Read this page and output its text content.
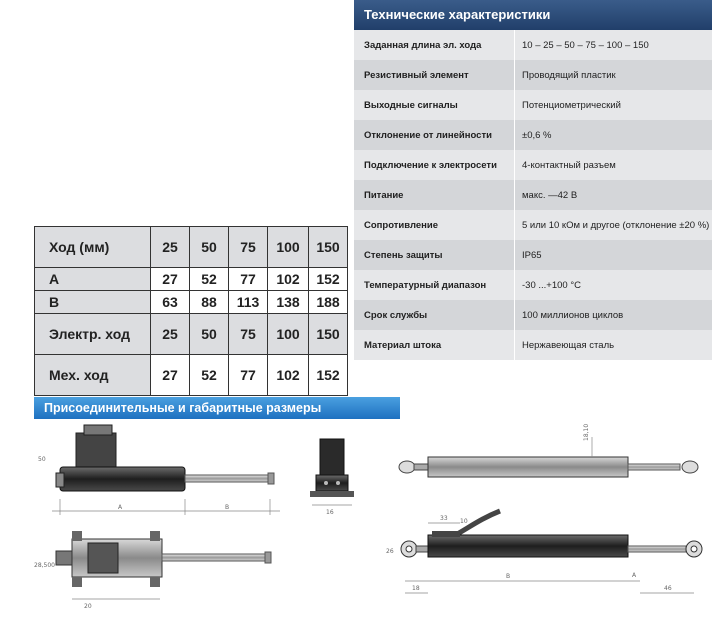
Технические характеристики
Заданная длина эл. хода	10 – 25 – 50 – 75 – 100 – 150
Резистивный элемент	Проводящий пластик
Выходные сигналы	Потенциометрический
Отклонение от линейности	±0,6 %
Подключение к электросети	4-контактный разъем
Питание	макс. —42 В
Сопротивление	5 или 10 кОм и другое (отклонение ±20 %)
Степень защиты	IP65
Температурный диапазон	-30 ...+100 °C
Срок службы	100 миллионов циклов
Материал штока	Нержавеющая сталь
Ход (мм)	25	50	75	100	150
A	27	52	77	102	152
B	63	88	113	138	188
Электр. ход	25	50	75	100	150
Мех. ход	27	52	77	102	152
Присоединительные и габаритные размеры
A	B
50
16
20
28,500
18,10
33
26
B
18	46
A
10
